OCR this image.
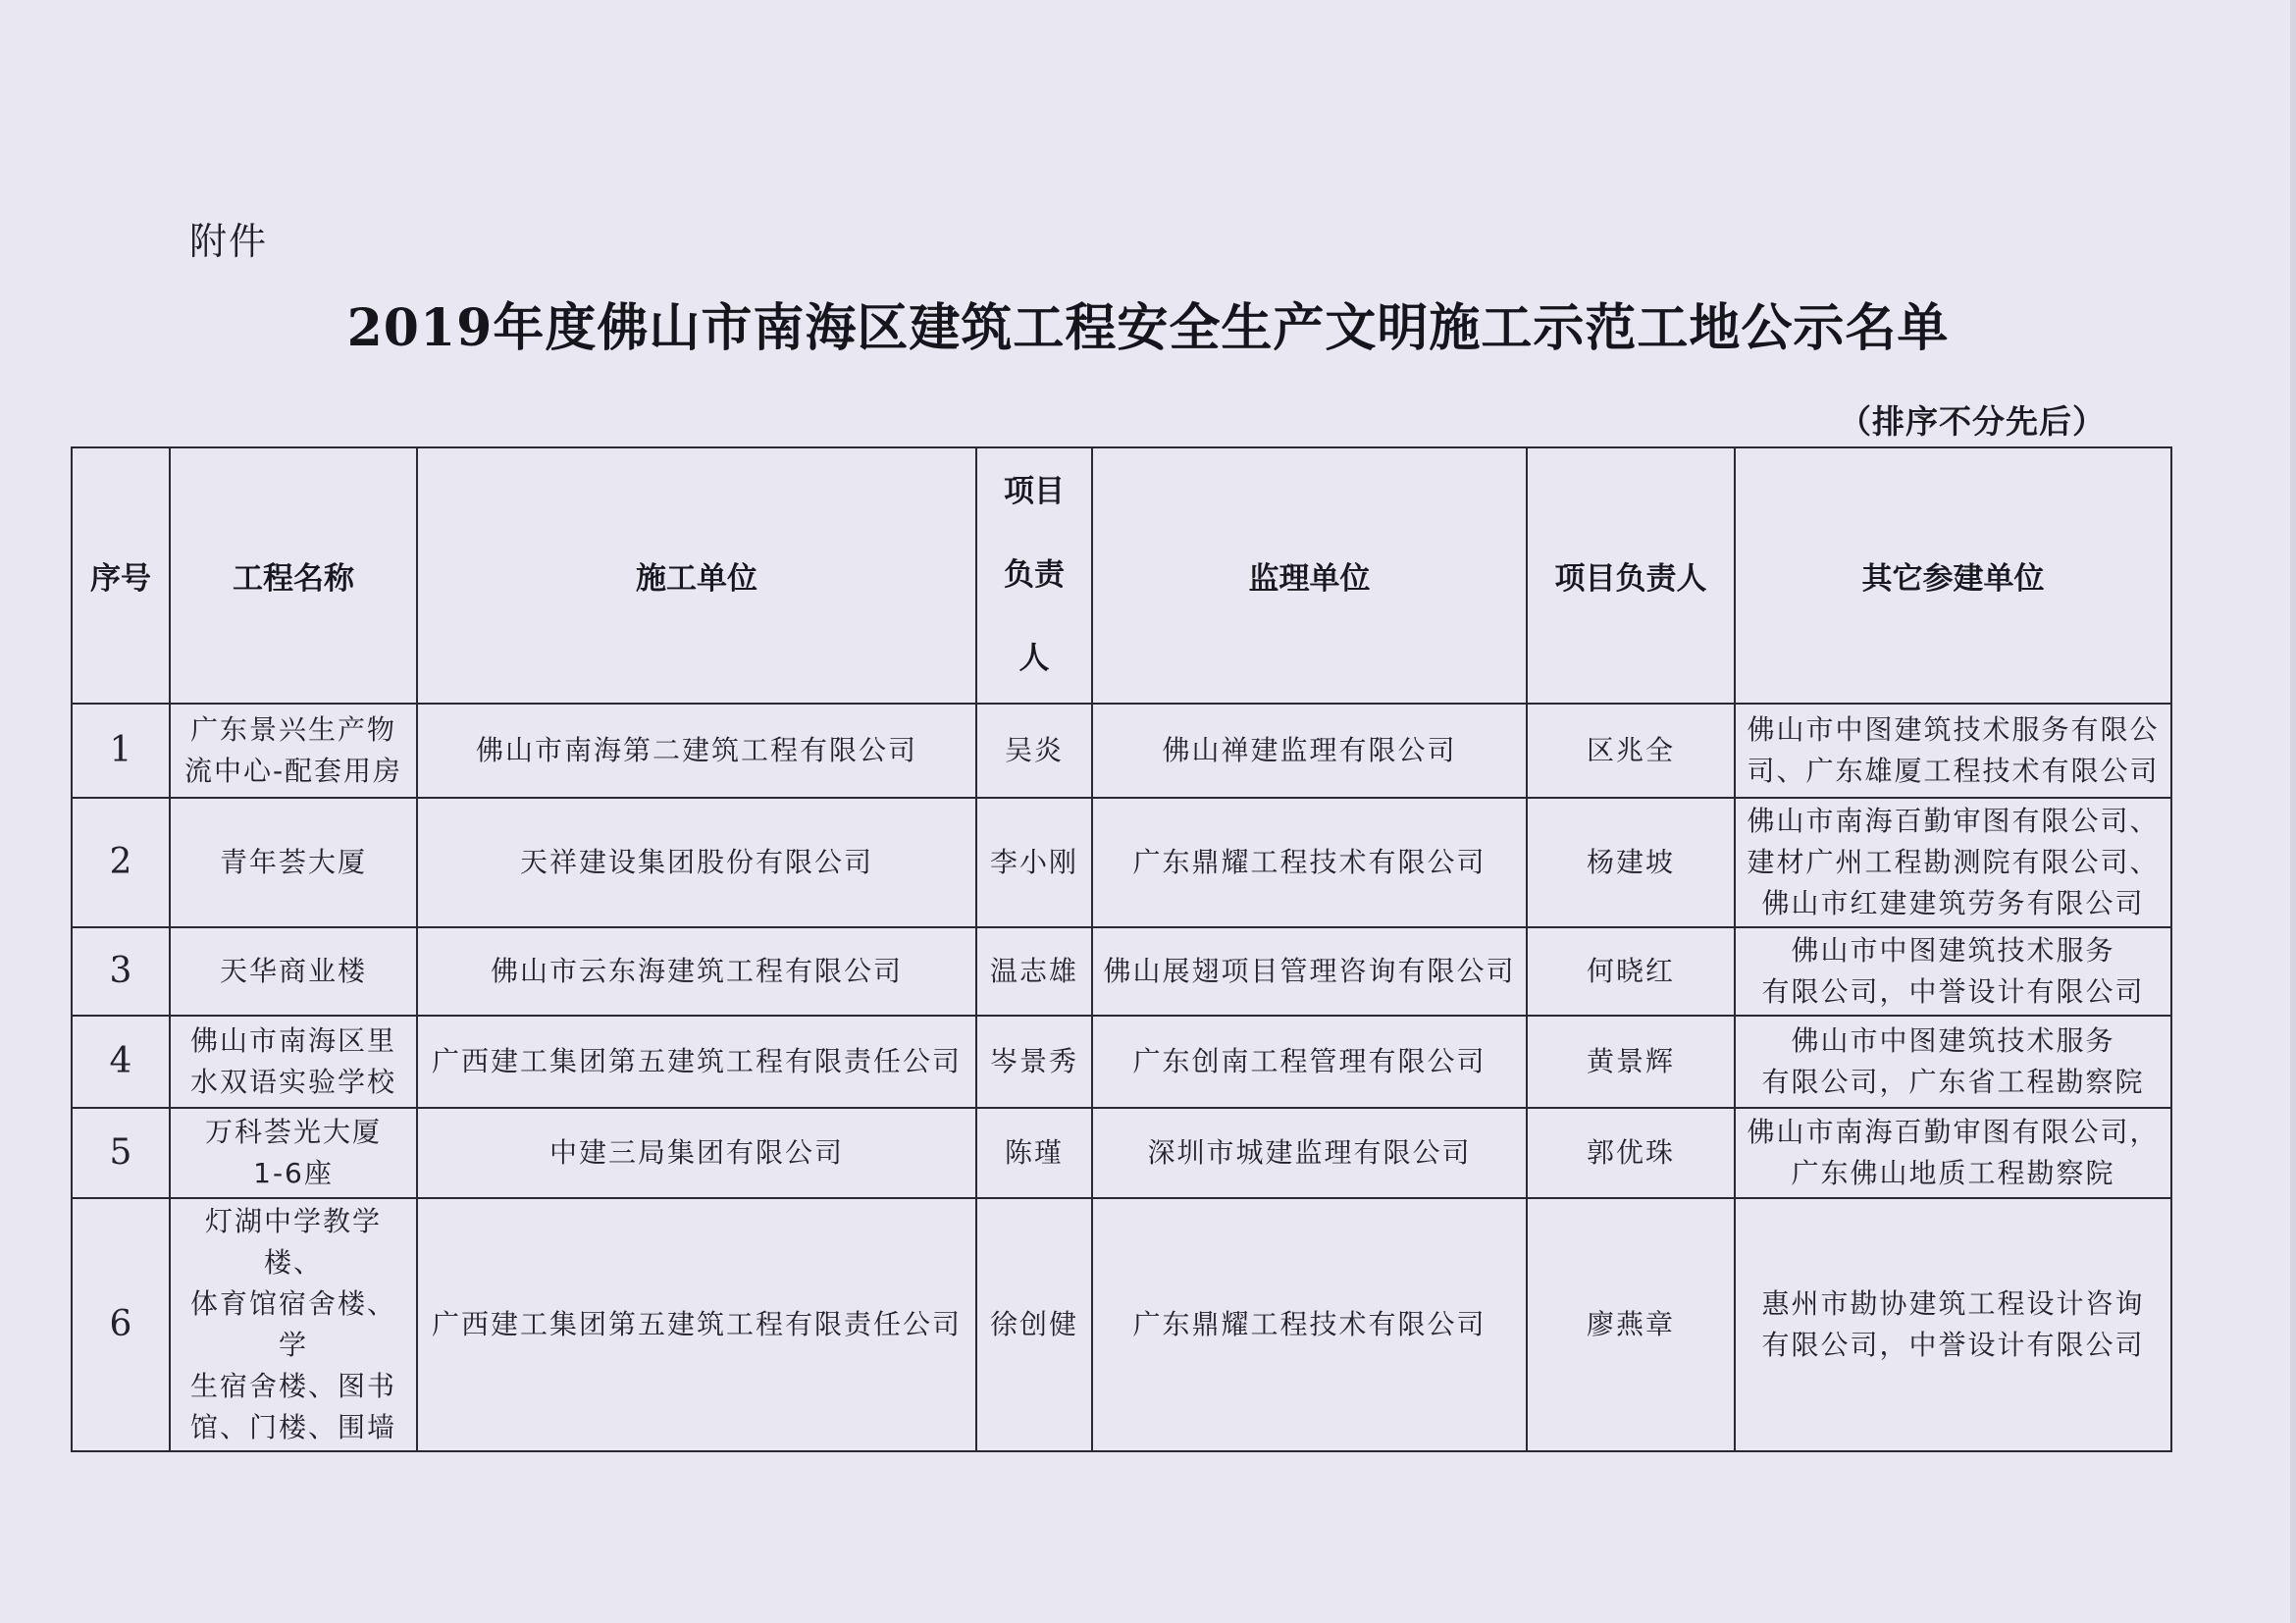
附件
2019年度佛山市南海区建筑工程安全生产文明施工示范工地公示名单
（排序不分先后）
序号	工程名称	施工单位	项目
负责
人	监理单位	项目负责人	其它参建单位
1	广东景兴生产物
流中心-配套用房	佛山市南海第二建筑工程有限公司	吴炎	佛山禅建监理有限公司	区兆全	佛山市中图建筑技术服务有限公
司、广东雄厦工程技术有限公司

2	青年荟大厦	天祥建设集团股份有限公司	李小刚	广东鼎耀工程技术有限公司	杨建坡	佛山市南海百勤审图有限公司、
建材广州工程勘测院有限公司、
佛山市红建建筑劳务有限公司

3	天华商业楼	佛山市云东海建筑工程有限公司	温志雄	佛山展翅项目管理咨询有限公司	何晓红	佛山市中图建筑技术服务
有限公司，中誉设计有限公司

4	佛山市南海区里
水双语实验学校	广西建工集团第五建筑工程有限责任公司	岑景秀	广东创南工程管理有限公司	黄景辉	佛山市中图建筑技术服务
有限公司，广东省工程勘察院

5	万科荟光大厦
1-6座	中建三局集团有限公司	陈瑾	深圳市城建监理有限公司	郭优珠	佛山市南海百勤审图有限公司，
广东佛山地质工程勘察院

6	灯湖中学教学楼、
体育馆宿舍楼、学
生宿舍楼、图书
馆、门楼、围墙	广西建工集团第五建筑工程有限责任公司	徐创健	广东鼎耀工程技术有限公司	廖燕章	惠州市勘协建筑工程设计咨询
有限公司，中誉设计有限公司
